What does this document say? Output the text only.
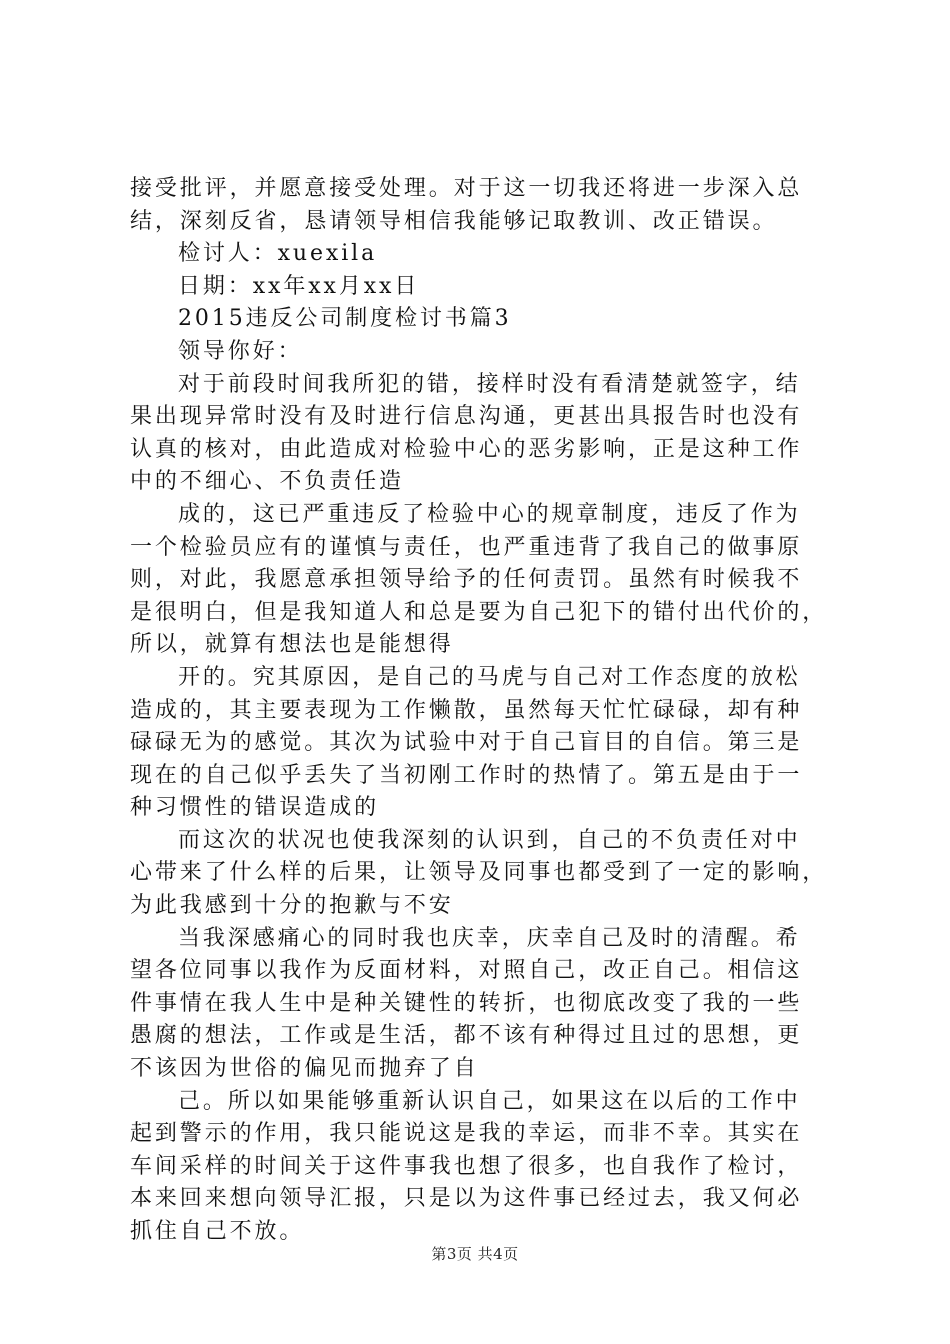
接受批评，并愿意接受处理。对于这一切我还将进一步深入总
结，深刻反省，恳请领导相信我能够记取教训、改正错误。
检讨人：xuexila
日期：xx年xx月xx日
2015违反公司制度检讨书篇3
领导你好：
对于前段时间我所犯的错，接样时没有看清楚就签字，结
果出现异常时没有及时进行信息沟通，更甚出具报告时也没有
认真的核对，由此造成对检验中心的恶劣影响，正是这种工作
中的不细心、不负责任造
成的，这已严重违反了检验中心的规章制度，违反了作为
一个检验员应有的谨慎与责任，也严重违背了我自己的做事原
则，对此，我愿意承担领导给予的任何责罚。虽然有时候我不
是很明白，但是我知道人和总是要为自己犯下的错付出代价的，
所以，就算有想法也是能想得
开的。究其原因，是自己的马虎与自己对工作态度的放松
造成的，其主要表现为工作懒散，虽然每天忙忙碌碌，却有种
碌碌无为的感觉。其次为试验中对于自己盲目的自信。第三是
现在的自己似乎丢失了当初刚工作时的热情了。第五是由于一
种习惯性的错误造成的
而这次的状况也使我深刻的认识到，自己的不负责任对中
心带来了什么样的后果，让领导及同事也都受到了一定的影响，
为此我感到十分的抱歉与不安
当我深感痛心的同时我也庆幸，庆幸自己及时的清醒。希
望各位同事以我作为反面材料，对照自己，改正自己。相信这
件事情在我人生中是种关键性的转折，也彻底改变了我的一些
愚腐的想法，工作或是生活，都不该有种得过且过的思想，更
不该因为世俗的偏见而抛弃了自
己。所以如果能够重新认识自己，如果这在以后的工作中
起到警示的作用，我只能说这是我的幸运，而非不幸。其实在
车间采样的时间关于这件事我也想了很多，也自我作了检讨，
本来回来想向领导汇报，只是以为这件事已经过去，我又何必
抓住自己不放。
第3页 共4页
